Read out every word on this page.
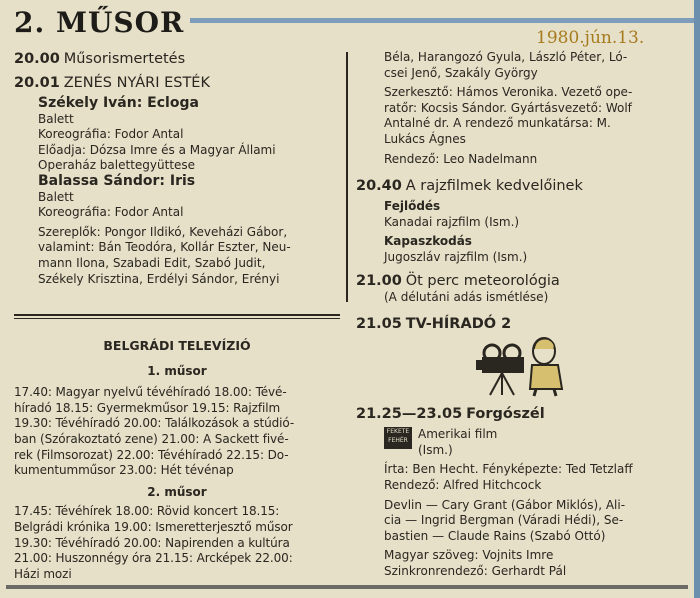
2. MŰSOR	1980.jún.13.
20.00 Műsorismertetés
20.01 ZENÉS NYÁRI ESTÉK
Székely Iván: Ecloga
Balett
Koreográfia: Fodor Antal
Előadja: Dózsa Imre és a Magyar Állami
Operaház balettegyüttese
Balassa Sándor: Iris
Balett
Koreográfia: Fodor Antal
Szereplők: Pongor Ildikó, Keveházi Gábor,
valamint: Bán Teodóra, Kollár Eszter, Neu-
mann Ilona, Szabadi Edit, Szabó Judit,
Székely Krisztina, Erdélyi Sándor, Erényi
BELGRÁDI TELEVÍZIÓ
1. műsor
17.40: Magyar nyelvű tévéhíradó 18.00: Tévé-
híradó 18.15: Gyermekműsor 19.15: Rajzfilm
19.30: Tévéhíradó 20.00: Találkozások a stúdió-
ban (Szórakoztató zene) 21.00: A Sackett fivé-
rek (Filmsorozat) 22.00: Tévéhíradó 22.15: Do-
kumentumműsor 23.00: Hét tévénap
2. műsor
17.45: Tévéhírek 18.00: Rövid koncert 18.15:
Belgrádi krónika 19.00: Ismeretterjesztő műsor
19.30: Tévéhíradó 20.00: Napirenden a kultúra
21.00: Huszonnégy óra 21.15: Arcképek 22.00:
Házi mozi
Béla, Harangozó Gyula, László Péter, Ló-
csei Jenő, Szakály György
Szerkesztő: Hámos Veronika. Vezető ope-
ratőr: Kocsis Sándor. Gyártásvezető: Wolf
Antalné dr. A rendező munkatársa: M.
Lukács Ágnes
Rendező: Leo Nadelmann
20.40 A rajzfilmek kedvelőinek
Fejlődés
Kanadai rajzfilm (Ism.)
Kapaszkodás
Jugoszláv rajzfilm (Ism.)
21.00 Öt perc meteorológia
(A délutáni adás ismétlése)
21.05 TV-HÍRADÓ 2
21.25—23.05 Forgószél
FEKETE
FEHÉR Amerikai film
(Ism.)
Írta: Ben Hecht. Fényképezte: Ted Tetzlaff
Rendező: Alfred Hitchcock
Devlin — Cary Grant (Gábor Miklós), Ali-
cia — Ingrid Bergman (Váradi Hédi), Se-
bastien — Claude Rains (Szabó Ottó)
Magyar szöveg: Vojnits Imre
Szinkronrendező: Gerhardt Pál
